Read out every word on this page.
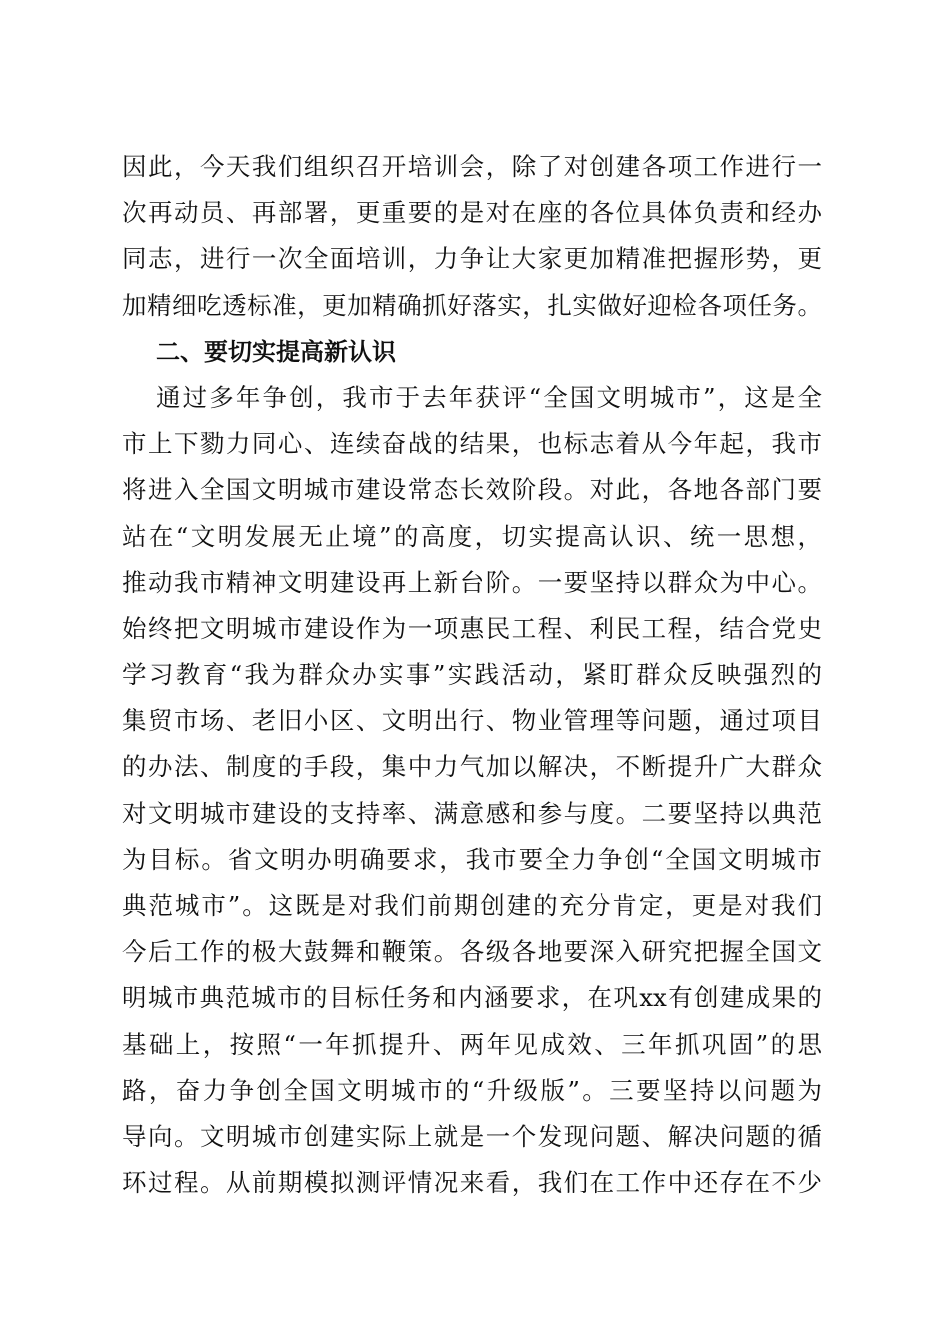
因此，今天我们组织召开培训会，除了对创建各项工作进行一
次再动员、再部署，更重要的是对在座的各位具体负责和经办
同志，进行一次全面培训，力争让大家更加精准把握形势，更
加精细吃透标准，更加精确抓好落实，扎实做好迎检各项任务。
二、要切实提高新认识
通过多年争创，我市于去年获评“全国文明城市”，这是全
市上下勠力同心、连续奋战的结果，也标志着从今年起，我市
将进入全国文明城市建设常态长效阶段。对此，各地各部门要
站在“文明发展无止境”的高度，切实提高认识、统一思想，
推动我市精神文明建设再上新台阶。一要坚持以群众为中心。
始终把文明城市建设作为一项惠民工程、利民工程，结合党史
学习教育“我为群众办实事”实践活动，紧盯群众反映强烈的
集贸市场、老旧小区、文明出行、物业管理等问题，通过项目
的办法、制度的手段，集中力气加以解决，不断提升广大群众
对文明城市建设的支持率、满意感和参与度。二要坚持以典范
为目标。省文明办明确要求，我市要全力争创“全国文明城市
典范城市”。这既是对我们前期创建的充分肯定，更是对我们
今后工作的极大鼓舞和鞭策。各级各地要深入研究把握全国文
明城市典范城市的目标任务和内涵要求，在巩xx有创建成果的
基础上，按照“一年抓提升、两年见成效、三年抓巩固”的思
路，奋力争创全国文明城市的“升级版”。三要坚持以问题为
导向。文明城市创建实际上就是一个发现问题、解决问题的循
环过程。从前期模拟测评情况来看，我们在工作中还存在不少
